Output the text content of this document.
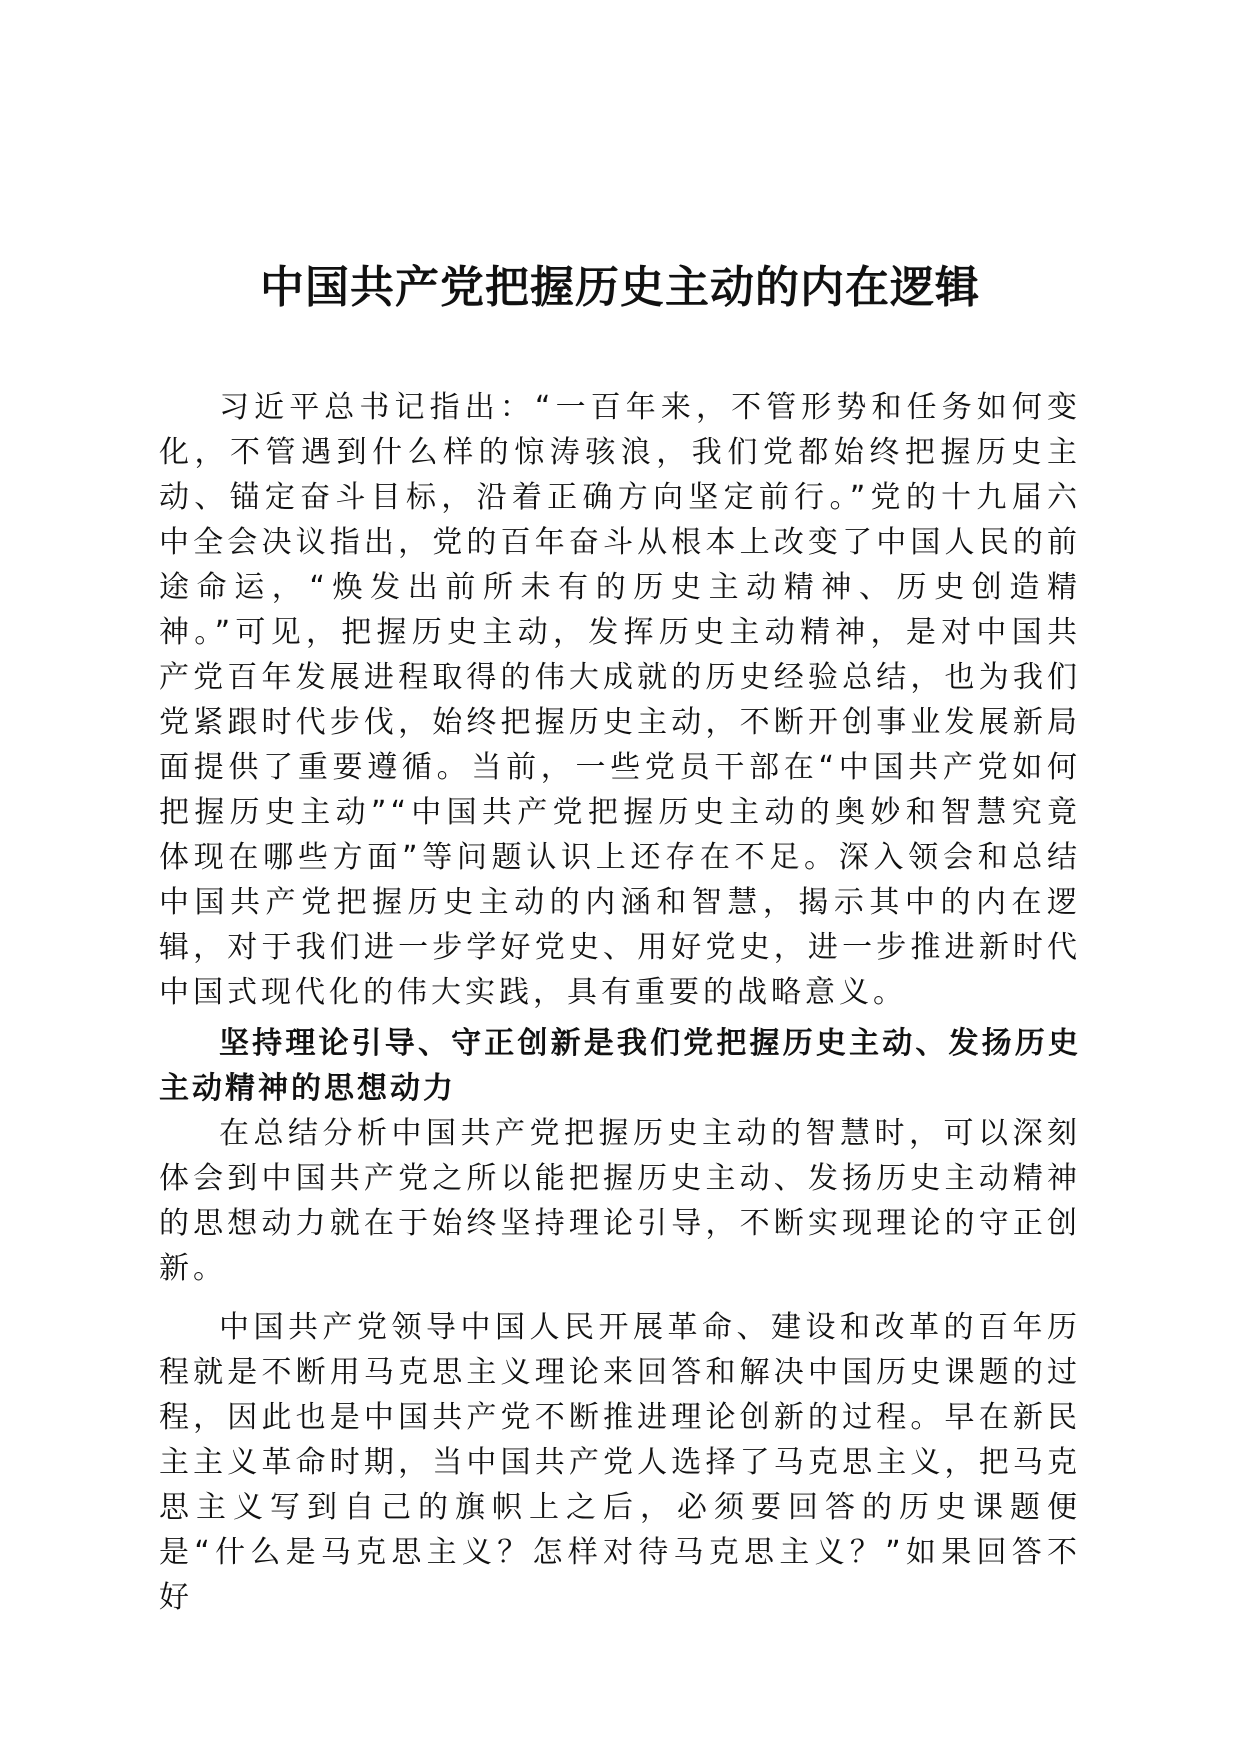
中国共产党把握历史主动的内在逻辑

习近平总书记指出：“一百年来，不管形势和任务如何变化，不管遇到什么样的惊涛骇浪，我们党都始终把握历史主动、锚定奋斗目标，沿着正确方向坚定前行。”党的十九届六中全会决议指出，党的百年奋斗从根本上改变了中国人民的前途命运，“焕发出前所未有的历史主动精神、历史创造精神。”可见，把握历史主动，发挥历史主动精神，是对中国共产党百年发展进程取得的伟大成就的历史经验总结，也为我们党紧跟时代步伐，始终把握历史主动，不断开创事业发展新局面提供了重要遵循。当前，一些党员干部在“中国共产党如何把握历史主动”“中国共产党把握历史主动的奥妙和智慧究竟体现在哪些方面”等问题认识上还存在不足。深入领会和总结中国共产党把握历史主动的内涵和智慧，揭示其中的内在逻辑，对于我们进一步学好党史、用好党史，进一步推进新时代中国式现代化的伟大实践，具有重要的战略意义。

坚持理论引导、守正创新是我们党把握历史主动、发扬历史主动精神的思想动力

在总结分析中国共产党把握历史主动的智慧时，可以深刻体会到中国共产党之所以能把握历史主动、发扬历史主动精神的思想动力就在于始终坚持理论引导，不断实现理论的守正创新。

中国共产党领导中国人民开展革命、建设和改革的百年历程就是不断用马克思主义理论来回答和解决中国历史课题的过程，因此也是中国共产党不断推进理论创新的过程。早在新民主主义革命时期，当中国共产党人选择了马克思主义，把马克思主义写到自己的旗帜上之后，必须要回答的历史课题便是“什么是马克思主义？怎样对待马克思主义？”如果回答不好
